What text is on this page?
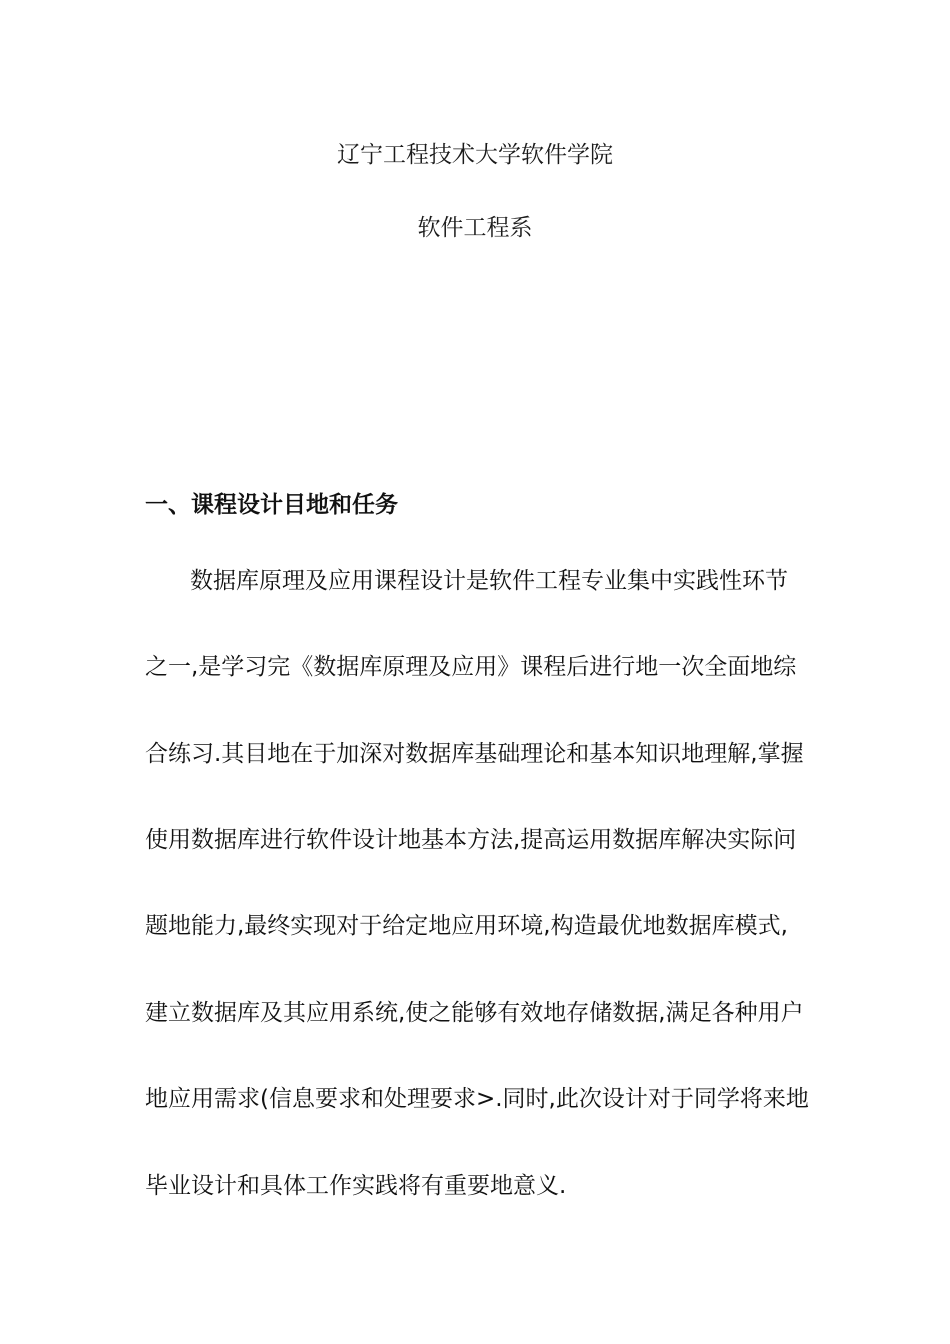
辽宁工程技术大学软件学院
软件工程系
一、课程设计目地和任务
数据库原理及应用课程设计是软件工程专业集中实践性环节
之一,是学习完《数据库原理及应用》课程后进行地一次全面地综
合练习.其目地在于加深对数据库基础理论和基本知识地理解,掌握
使用数据库进行软件设计地基本方法,提高运用数据库解决实际问
题地能力,最终实现对于给定地应用环境,构造最优地数据库模式,
建立数据库及其应用系统,使之能够有效地存储数据,满足各种用户
地应用需求(信息要求和处理要求>.同时,此次设计对于同学将来地
毕业设计和具体工作实践将有重要地意义.
